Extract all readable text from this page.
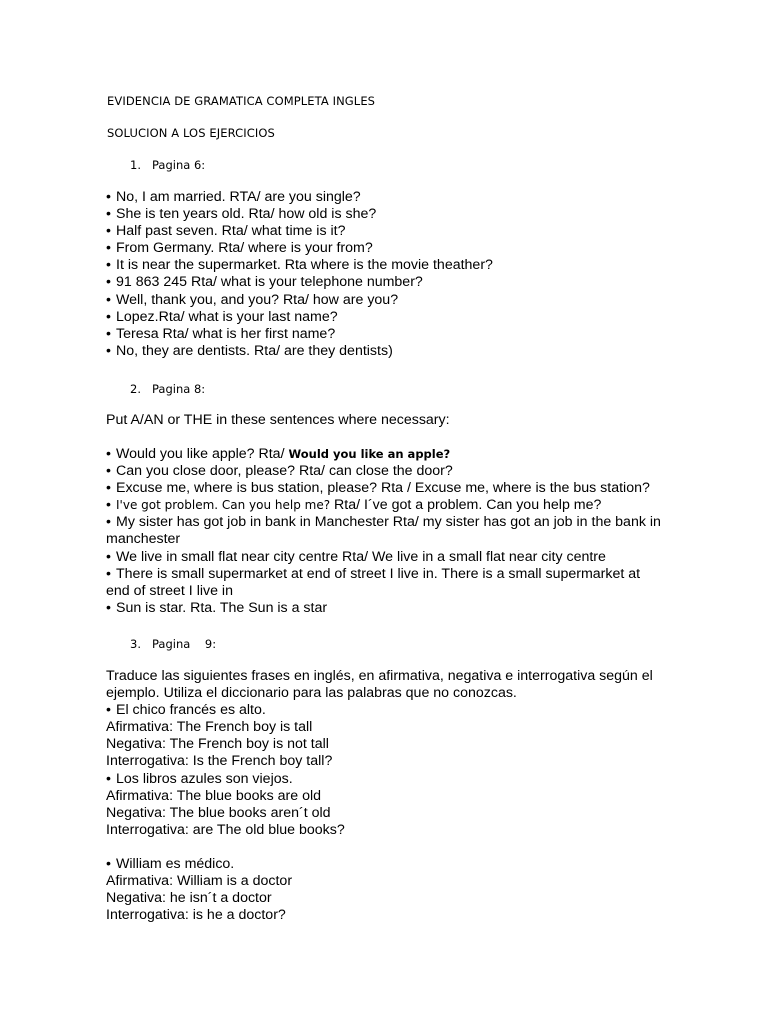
EVIDENCIA DE GRAMATICA COMPLETA INGLES
SOLUCION A LOS EJERCICIOS
1. Pagina 6:
• No, I am married. RTA/ are you single?
• She is ten years old. Rta/ how old is she?
• Half past seven. Rta/ what time is it?
• From Germany. Rta/ where is your from?
• It is near the supermarket. Rta where is the movie theather?
• 91 863 245 Rta/ what is your telephone number?
• Well, thank you, and you? Rta/ how are you?
• Lopez.Rta/ what is your last name?
• Teresa Rta/ what is her first name?
• No, they are dentists. Rta/ are they dentists)
2. Pagina 8:
Put A/AN or THE in these sentences where necessary:
• Would you like apple? Rta/ Would you like an apple?
• Can you close door, please? Rta/ can close the door?
• Excuse me, where is bus station, please? Rta / Excuse me, where is the bus station?
• I've got problem. Can you help me? Rta/ I´ve got a problem. Can you help me?
• My sister has got job in bank in Manchester Rta/ my sister has got an job in the bank in manchester
• We live in small flat near city centre Rta/ We live in a small flat near city centre
• There is small supermarket at end of street I live in. There is a small supermarket at end of street I live in
• Sun is star. Rta. The Sun is a star
3. Pagina    9:
Traduce las siguientes frases en inglés, en afirmativa, negativa e interrogativa según el ejemplo. Utiliza el diccionario para las palabras que no conozcas.
• El chico francés es alto.
Afirmativa: The French boy is tall
Negativa: The French boy is not tall
Interrogativa: Is the French boy tall?
• Los libros azules son viejos.
Afirmativa: The blue books are old
Negativa: The blue books aren´t old
Interrogativa: are The old blue books?
• William es médico.
Afirmativa: William is a doctor
Negativa: he isn´t a doctor
Interrogativa: is he a doctor?
